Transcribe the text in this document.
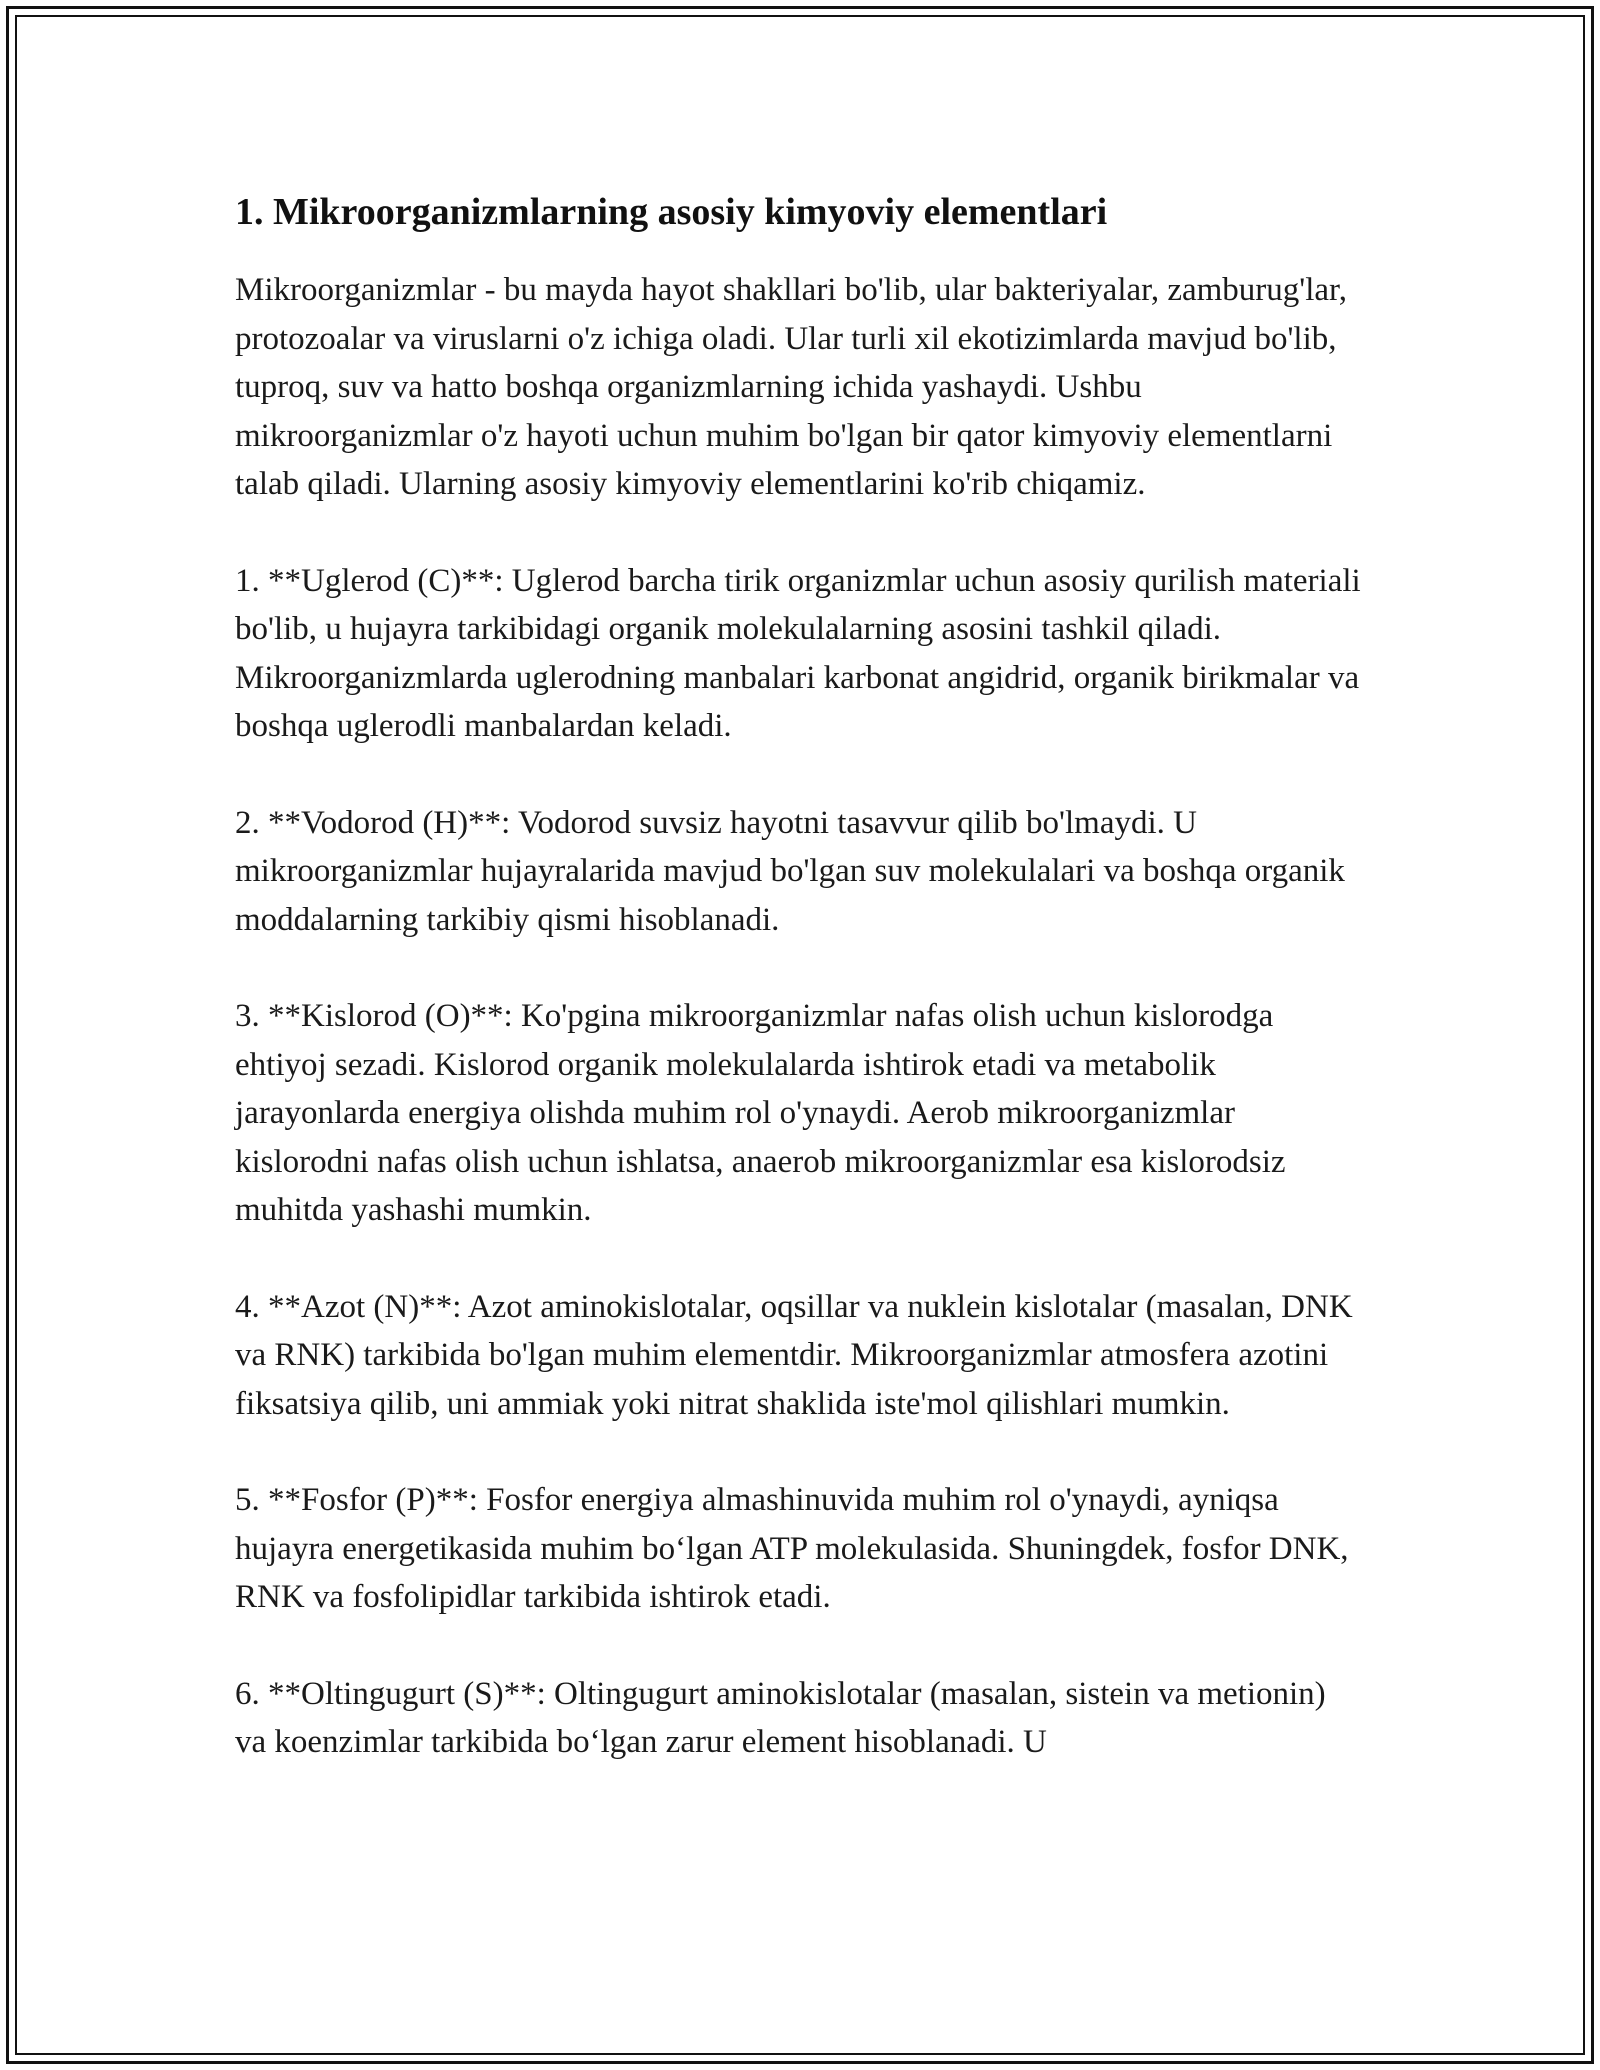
1. Mikroorganizmlarning asosiy kimyoviy elementlari

Mikroorganizmlar - bu mayda hayot shakllari bo'lib, ular bakteriyalar, zamburug'lar, protozoalar va viruslarni o'z ichiga oladi. Ular turli xil ekotizimlarda mavjud bo'lib, tuproq, suv va hatto boshqa organizmlarning ichida yashaydi. Ushbu mikroorganizmlar o'z hayoti uchun muhim bo'lgan bir qator kimyoviy elementlarni talab qiladi. Ularning asosiy kimyoviy elementlarini ko'rib chiqamiz.

1. **Uglerod (C)**: Uglerod barcha tirik organizmlar uchun asosiy qurilish materiali bo'lib, u hujayra tarkibidagi organik molekulalarning asosini tashkil qiladi. Mikroorganizmlarda uglerodning manbalari karbonat angidrid, organik birikmalar va boshqa uglerodli manbalardan keladi.

2. **Vodorod (H)**: Vodorod suvsiz hayotni tasavvur qilib bo'lmaydi. U mikroorganizmlar hujayralarida mavjud bo'lgan suv molekulalari va boshqa organik moddalarning tarkibiy qismi hisoblanadi.

3. **Kislorod (O)**: Ko'pgina mikroorganizmlar nafas olish uchun kislorodga ehtiyoj sezadi. Kislorod organik molekulalarda ishtirok etadi va metabolik jarayonlarda energiya olishda muhim rol o'ynaydi. Aerob mikroorganizmlar kislorodni nafas olish uchun ishlatsa, anaerob mikroorganizmlar esa kislorodsiz muhitda yashashi mumkin.

4. **Azot (N)**: Azot aminokislotalar, oqsillar va nuklein kislotalar (masalan, DNK va RNK) tarkibida bo'lgan muhim elementdir. Mikroorganizmlar atmosfera azotini fiksatsiya qilib, uni ammiak yoki nitrat shaklida iste'mol qilishlari mumkin.

5. **Fosfor (P)**: Fosfor energiya almashinuvida muhim rol o'ynaydi, ayniqsa hujayra energetikasida muhim bo‘lgan ATP molekulasida. Shuningdek, fosfor DNK, RNK va fosfolipidlar tarkibida ishtirok etadi.

6. **Oltingugurt (S)**: Oltingugurt aminokislotalar (masalan, sistein va metionin) va koenzimlar tarkibida bo‘lgan zarur element hisoblanadi. U
